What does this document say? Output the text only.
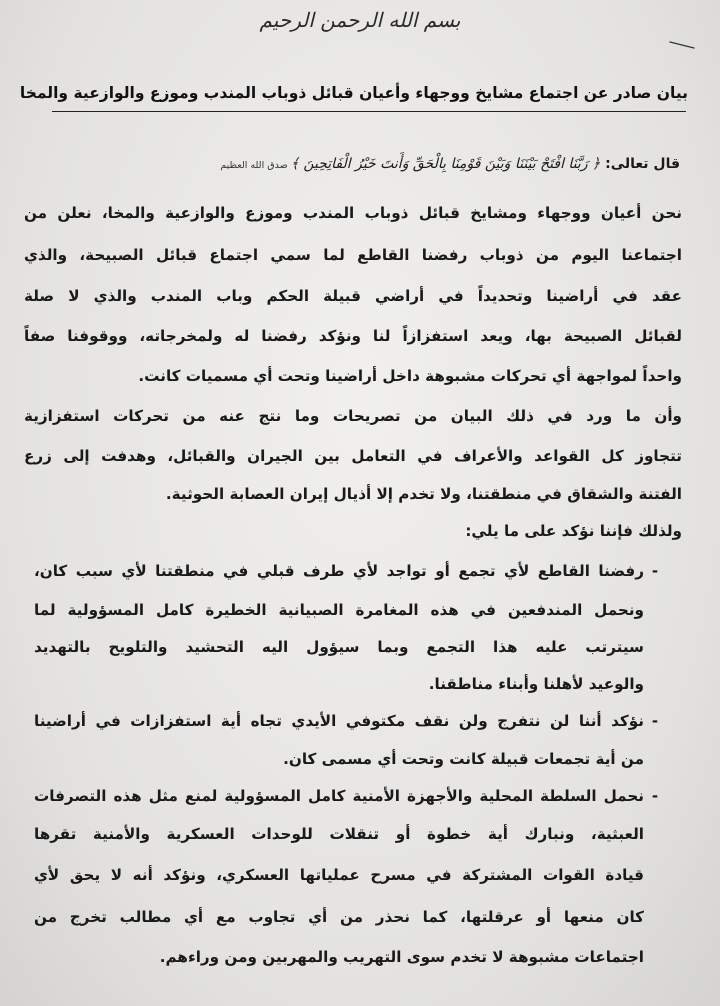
بسم الله الرحمن الرحيم
بيان صادر عن اجتماع مشايخ ووجهاء وأعيان قبائل ذوباب المندب وموزع والوازعية والمخا
قال تعالى: ﴿ رَبَّنَا افْتَحْ بَيْنَنَا وَبَيْنَ قَوْمِنَا بِالْحَقِّ وَأَنتَ خَيْرُ الْفَاتِحِينَ ﴾ صدق الله العظيم
نحن أعيان ووجهاء ومشايخ قبائل ذوباب المندب وموزع والوازعية والمخا، نعلن من
اجتماعنا اليوم من ذوباب رفضنا القاطع لما سمي اجتماع قبائل الصبيحة، والذي
عقد في أراضينا وتحديداً في أراضي قبيلة الحكم وباب المندب والذي لا صلة
لقبائل الصبيحة بها، ويعد استفزازاً لنا ونؤكد رفضنا له ولمخرجاته، ووقوفنا صفاً
واحداً لمواجهة أي تحركات مشبوهة داخل أراضينا وتحت أي مسميات كانت.
وأن ما ورد في ذلك البيان من تصريحات وما نتج عنه من تحركات استفزازية
تتجاوز كل القواعد والأعراف في التعامل بين الجيران والقبائل، وهدفت إلى زرع
الفتنة والشقاق في منطقتنا، ولا تخدم إلا أذيال إيران العصابة الحوثية.
ولذلك فإننا نؤكد على ما يلي:
-
رفضنا القاطع لأي تجمع أو تواجد لأي طرف قبلي في منطقتنا لأي سبب كان،
ونحمل المندفعين في هذه المغامرة الصبيانية الخطيرة كامل المسؤولية لما
سيترتب عليه هذا التجمع وبما سيؤول اليه التحشيد والتلويح بالتهديد
والوعيد لأهلنا وأبناء مناطقنا.
-
نؤكد أننا لن نتفرج ولن نقف مكتوفي الأيدي تجاه أية استفزازات في أراضينا
من أية تجمعات قبيلة كانت وتحت أي مسمى كان.
-
نحمل السلطة المحلية والأجهزة الأمنية كامل المسؤولية لمنع مثل هذه التصرفات
العبثية، ونبارك أية خطوة أو تنقلات للوحدات العسكرية والأمنية تقرها
قيادة القوات المشتركة في مسرح عملياتها العسكري، ونؤكد أنه لا يحق لأي
كان منعها أو عرقلتها، كما نحذر من أي تجاوب مع أي مطالب تخرج من
اجتماعات مشبوهة لا تخدم سوى التهريب والمهربين ومن وراءهم.
